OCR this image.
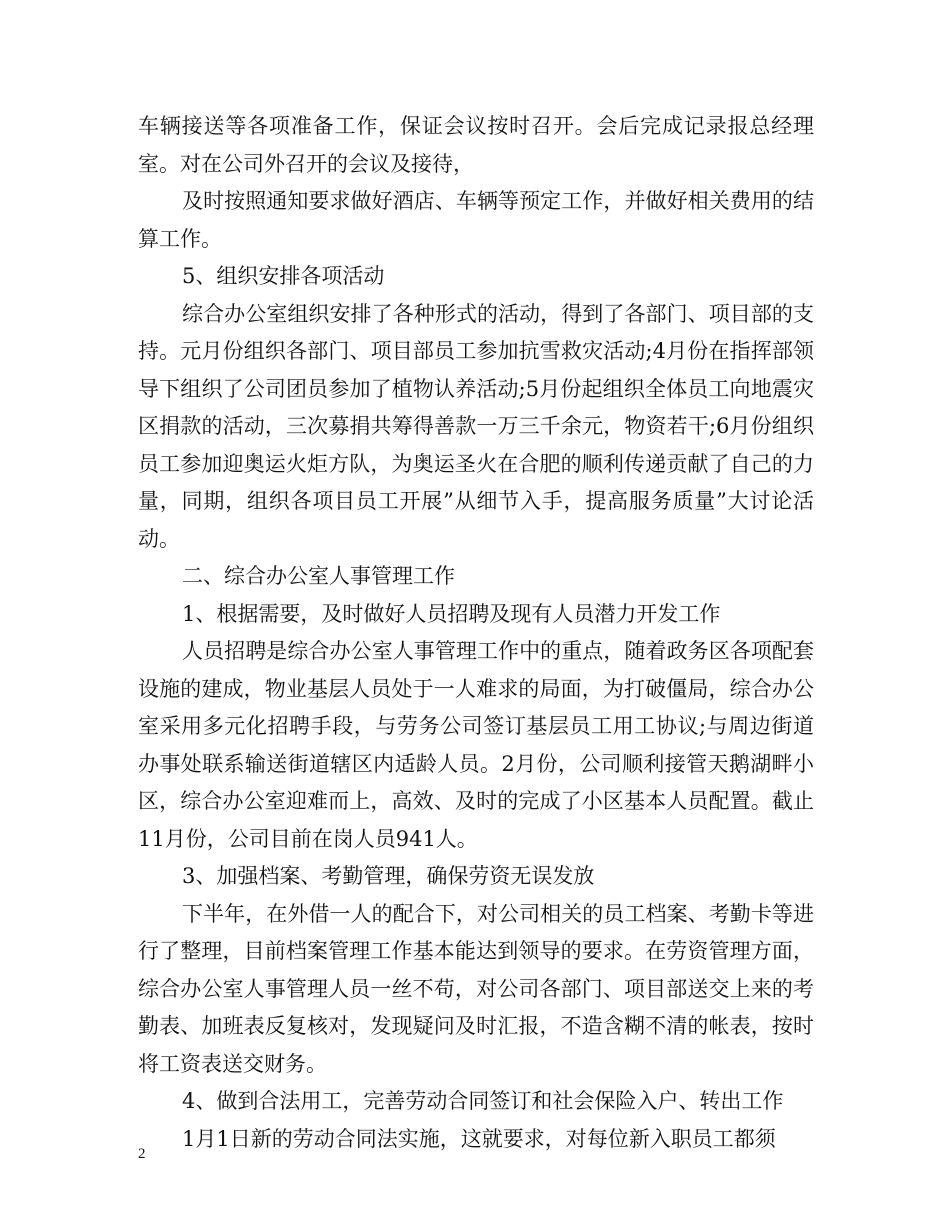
车辆接送等各项准备工作，保证会议按时召开。会后完成记录报总经理室。对在公司外召开的会议及接待，

及时按照通知要求做好酒店、车辆等预定工作，并做好相关费用的结算工作。

5、组织安排各项活动

综合办公室组织安排了各种形式的活动，得到了各部门、项目部的支持。元月份组织各部门、项目部员工参加抗雪救灾活动;4月份在指挥部领导下组织了公司团员参加了植物认养活动;5月份起组织全体员工向地震灾区捐款的活动，三次募捐共筹得善款一万三千余元，物资若干;6月份组织员工参加迎奥运火炬方队，为奥运圣火在合肥的顺利传递贡献了自己的力量，同期，组织各项目员工开展”从细节入手，提高服务质量”大讨论活动。

二、综合办公室人事管理工作

1、根据需要，及时做好人员招聘及现有人员潜力开发工作

人员招聘是综合办公室人事管理工作中的重点，随着政务区各项配套设施的建成，物业基层人员处于一人难求的局面，为打破僵局，综合办公室采用多元化招聘手段，与劳务公司签订基层员工用工协议;与周边街道办事处联系输送街道辖区内适龄人员。2月份，公司顺利接管天鹅湖畔小区，综合办公室迎难而上，高效、及时的完成了小区基本人员配置。截止11月份，公司目前在岗人员941人。

3、加强档案、考勤管理，确保劳资无误发放

下半年，在外借一人的配合下，对公司相关的员工档案、考勤卡等进行了整理，目前档案管理工作基本能达到领导的要求。在劳资管理方面，综合办公室人事管理人员一丝不苟，对公司各部门、项目部送交上来的考勤表、加班表反复核对，发现疑问及时汇报，不造含糊不清的帐表，按时将工资表送交财务。

4、做到合法用工，完善劳动合同签订和社会保险入户、转出工作

1月1日新的劳动合同法实施，这就要求，对每位新入职员工都须

2
